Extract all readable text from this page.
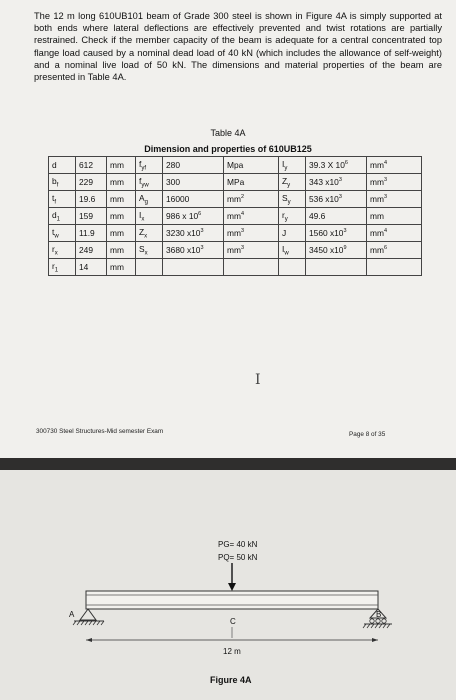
The 12 m long 610UB101 beam of Grade 300 steel is shown in Figure 4A is simply supported at both ends where lateral deflections are effectively prevented and twist rotations are partially restrained. Check if the member capacity of the beam is adequate for a central concentrated top flange load caused by a nominal dead load of 40 kN (which includes the allowance of self-weight) and a nominal live load of 50 kN. The dimensions and material properties of the beam are presented in Table 4A.

Table 4A
Dimension and properties of 610UB125
d	612	mm	$f_{yf}$	280	Mpa	$I_y$	39.3 X $10^6$	$mm^4$
$b_f$	229	mm	$f_{yw}$	300	MPa	$Z_y$	343 $x10^3$	$mm^3$
$t_f$	19.6	mm	$A_g$	16000	$mm^2$	$S_y$	536 $x10^3$	$mm^3$
$d_1$	159	mm	$I_x$	986 x $10^6$	$mm^4$	$r_y$	49.6	mm
$t_w$	11.9	mm	$Z_x$	3230 $x10^3$	$mm^3$	J	1560 $x10^3$	$mm^4$
$r_x$	249	mm	$S_x$	3680 $x10^3$	$mm^3$	$I_w$	3450 $x10^9$	$mm^6$
$r_1$	14	mm						
I
300730 Steel Structures-Mid semester Exam	Page 8 of 35
PG= 40 kN
PQ= 50 kN
A	B
C
12 m
Figure 4A
